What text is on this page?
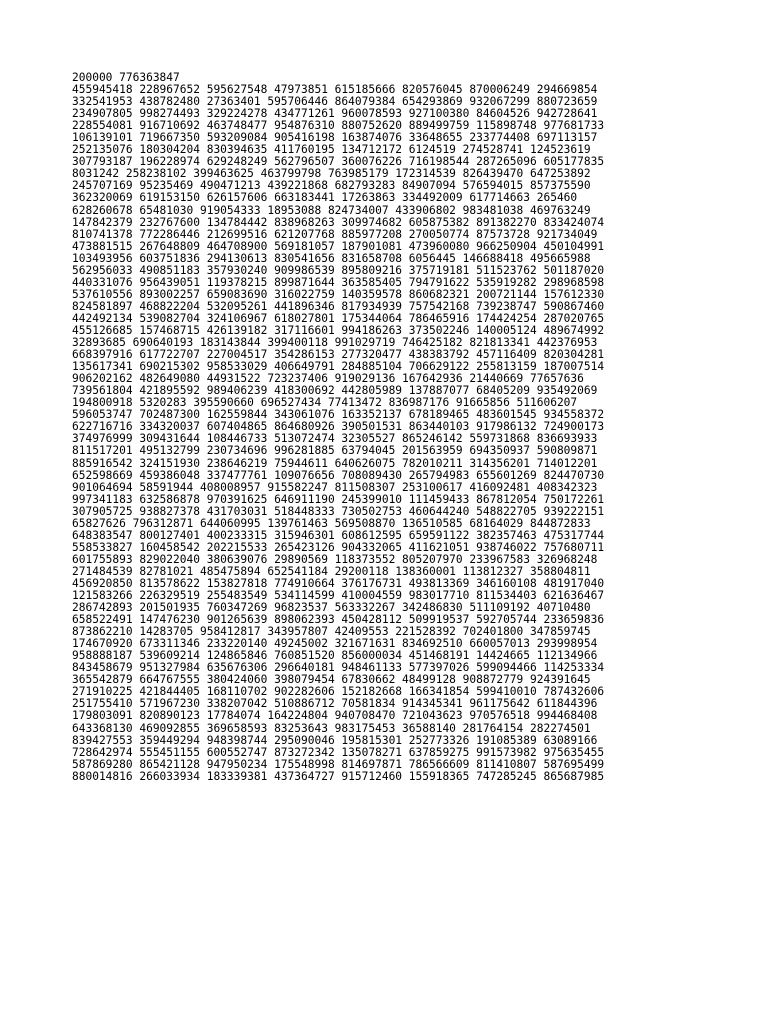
200000 776363847
455945418 228967652 595627548 47973851 615185666 820576045 870006249 294669854
332541953 438782480 27363401 595706446 864079384 654293869 932067299 880723659
234907805 998274493 329224278 434771261 960078593 927100380 84604526 942728641
228554081 916710692 463748477 954876310 880752620 889499759 115898748 977681733
106139101 719667350 593209084 905416198 163874076 33648655 233774408 697113157
252135076 180304204 830394635 411760195 134712172 6124519 274528741 124523619
307793187 196228974 629248249 562796507 360076226 716198544 287265096 605177835
8031242 258238102 399463625 463799798 763985179 172314539 826439470 647253892
245707169 95235469 490471213 439221868 682793283 84907094 576594015 857375590
362320069 619153150 626157606 663183441 17263863 334492009 617714663 265460
628260678 65481030 919054333 18953088 824734007 433906802 983481038 469763249
147842379 232767600 134784442 838968263 309974682 605875382 891382270 833424074
810741378 772286446 212699516 621207768 885977208 270050774 87573728 921734049
473881515 267648809 464708900 569181057 187901081 473960080 966250904 450104991
103493956 603751836 294130613 830541656 831658708 6056445 146688418 495665988
562956033 490851183 357930240 909986539 895809216 375719181 511523762 501187020
440331076 956439051 119378215 899871644 363585405 794791622 535919282 298968598
537610556 893002257 659083690 316022759 140359578 860682321 200721144 157612330
824581897 468822204 532095261 441896346 817934939 757542168 739238747 590867460
442492134 539082704 324106967 618027801 175344064 786465916 174424254 287020765
455126685 157468715 426139182 317116601 994186263 373502246 140005124 489674992
32893685 690640193 183143844 399400118 991029719 746425182 821813341 442376953
668397916 617722707 227004517 354286153 277320477 438383792 457116409 820304281
135617341 690215302 958533029 406649791 284885104 706629122 255813159 187007514
906202162 482649080 44931522 723237406 919029136 167642936 21440669 77657636
739561804 421895592 989406239 418300692 442805989 137887077 68405209 935492069
194800918 5320283 395590660 696527434 77413472 836987176 91665856 511606207
596053747 702487300 162559844 343061076 163352137 678189465 483601545 934558372
622716716 334320037 607404865 864680926 390501531 863440103 917986132 724900173
374976999 309431644 108446733 513072474 32305527 865246142 559731868 836693933
811517201 495132799 230734696 996281885 63794045 201563959 694350937 590809871
885916542 324151930 238646219 75944611 640626075 782010211 314356201 714012201
652598669 459386048 337477761 109076656 708089430 265794983 655601269 824470730
901064694 58591944 408008957 915582247 811508307 253100617 416092481 408342323
997341183 632586878 970391625 646911190 245399010 111459433 867812054 750172261
307905725 938827378 431703031 518448333 730502753 460644240 548822705 939222151
65827626 796312871 644060995 139761463 569508870 136510585 68164029 844872833
648383547 800127401 400233315 315946301 608612595 659591122 382357463 475317744
558533827 160458542 202215533 265423126 904332065 411621051 938746022 757680711
601755893 829022040 380639076 29890569 118373552 805207970 233967583 326968248
271484539 82781021 485475894 652541184 29200118 138360001 113812327 358804811
456920850 813578622 153827818 774910664 376176731 493813369 346160108 481917040
121583266 226329519 255483549 534114599 410004559 983017710 811534403 621636467
286742893 201501935 760347269 96823537 563332267 342486830 511109192 40710480
658522491 147476230 901265639 898062393 450428112 509919537 592705744 233659836
873862210 14283705 958412817 343957807 42409553 221528392 702401800 347859745
174670920 673311346 233220140 49245002 321671631 834692510 660057013 293998954
958888187 539609214 124865846 760851520 856000034 451468191 14424665 112134966
843458679 951327984 635676306 296640181 948461133 577397026 599094466 114253334
365542879 664767555 380424060 398079454 67830662 48499128 908872779 924391645
271910225 421844405 168110702 902282606 152182668 166341854 599410010 787432606
251755410 571967230 338207042 510886712 70581834 914345341 961175642 611844396
179803091 820890123 17784074 164224804 940708470 721043623 970576518 994468408
643368130 469092855 369658593 83253643 983175453 36588140 281764154 282274501
839427553 359449294 948398744 295090046 195815301 252773326 191085389 63089166
728642974 555451155 600552747 873272342 135078271 637859275 991573982 975635455
587869280 865421128 947950234 175548998 814697871 786566609 811410807 587695499
880014816 266033934 183339381 437364727 915712460 155918365 747285245 865687985
